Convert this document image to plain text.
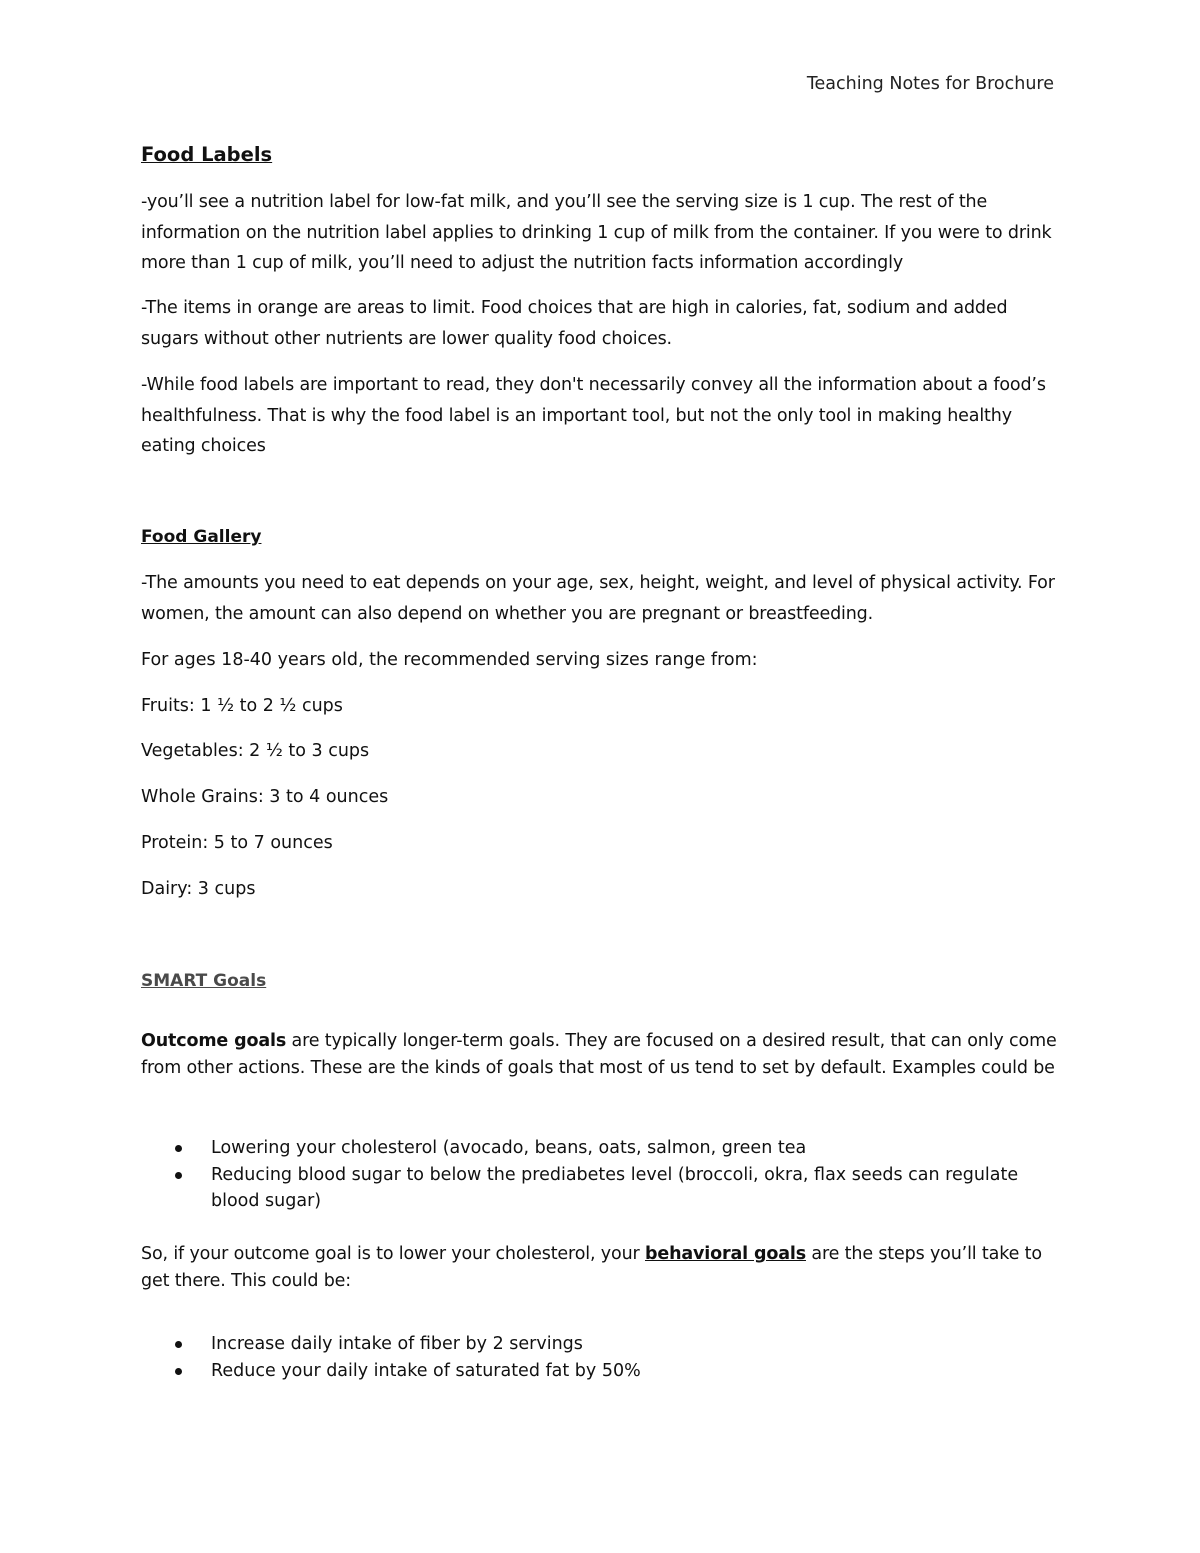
Teaching Notes for Brochure
Food Labels
-you’ll see a nutrition label for low-fat milk, and you’ll see the serving size is 1 cup. The rest of the information on the nutrition label applies to drinking 1 cup of milk from the container. If you were to drink more than 1 cup of milk, you’ll need to adjust the nutrition facts information accordingly
-The items in orange are areas to limit. Food choices that are high in calories, fat, sodium and added sugars without other nutrients are lower quality food choices.
-While food labels are important to read, they don't necessarily convey all the information about a food’s healthfulness. That is why the food label is an important tool, but not the only tool in making healthy eating choices
Food Gallery
-The amounts you need to eat depends on your age, sex, height, weight, and level of physical activity. For women, the amount can also depend on whether you are pregnant or breastfeeding.
For ages 18-40 years old, the recommended serving sizes range from:
Fruits: 1 ½ to 2 ½ cups
Vegetables: 2 ½ to 3 cups
Whole Grains: 3 to 4 ounces
Protein: 5 to 7 ounces
Dairy: 3 cups
SMART Goals
Outcome goals are typically longer-term goals. They are focused on a desired result, that can only come from other actions. These are the kinds of goals that most of us tend to set by default. Examples could be
Lowering your cholesterol (avocado, beans, oats, salmon, green tea
Reducing blood sugar to below the prediabetes level (broccoli, okra, flax seeds can regulate blood sugar)
So, if your outcome goal is to lower your cholesterol, your behavioral goals are the steps you’ll take to get there. This could be:
Increase daily intake of fiber by 2 servings
Reduce your daily intake of saturated fat by 50%
